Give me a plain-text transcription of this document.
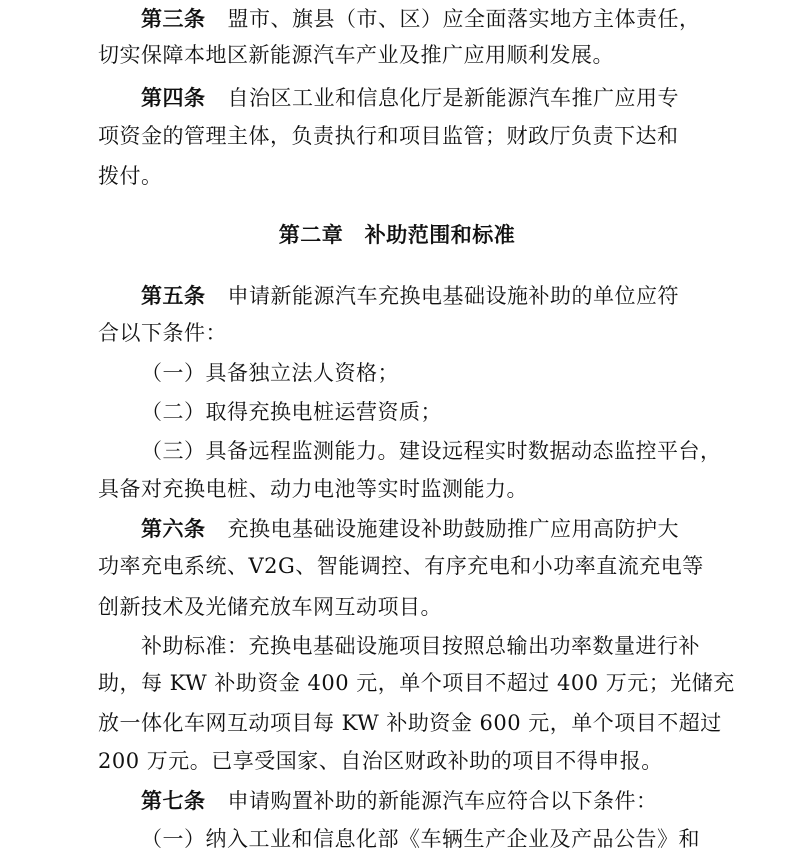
第三条 盟市、旗县（市、区）应全面落实地方主体责任，
切实保障本地区新能源汽车产业及推广应用顺利发展。
第四条 自治区工业和信息化厅是新能源汽车推广应用专
项资金的管理主体，负责执行和项目监管；财政厅负责下达和
拨付。
第二章　补助范围和标准
第五条 申请新能源汽车充换电基础设施补助的单位应符
合以下条件：
（一）具备独立法人资格；
（二）取得充换电桩运营资质；
（三）具备远程监测能力。建设远程实时数据动态监控平台，
具备对充换电桩、动力电池等实时监测能力。
第六条 充换电基础设施建设补助鼓励推广应用高防护大
功率充电系统、V2G、智能调控、有序充电和小功率直流充电等
创新技术及光储充放车网互动项目。
补助标准：充换电基础设施项目按照总输出功率数量进行补
助，每 KW 补助资金 400 元，单个项目不超过 400 万元；光储充
放一体化车网互动项目每 KW 补助资金 600 元，单个项目不超过
200 万元。已享受国家、自治区财政补助的项目不得申报。
第七条 申请购置补助的新能源汽车应符合以下条件：
（一）纳入工业和信息化部《车辆生产企业及产品公告》和
